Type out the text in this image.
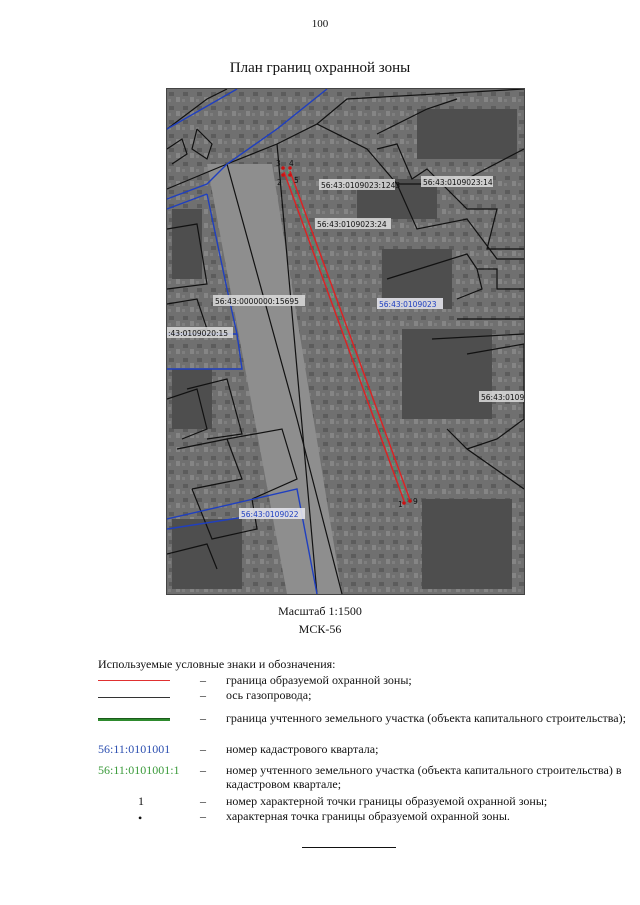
100
План границ охранной зоны
3 4
2 5
1 9
56:43:0109023:1243	56:43:0109023:14
56:43:0109023:24
56:43:0000000:15695	56:43:0109023
:43:0109020:15
56:43:0109
56:43:0109022
Масштаб 1:1500
МСК-56
Используемые условные знаки и обозначения:
– граница образуемой охранной зоны;
– ось газопровода;
– граница учтенного земельного участка (объекта капитального строительства);
56:11:0101001	– номер кадастрового квартала;
56:11:0101001:1	– номер учтенного земельного участка (объекта капитального строительства) в кадастровом квартале;
1	– номер характерной точки границы образуемой охранной зоны;
•	– характерная точка границы образуемой охранной зоны.
